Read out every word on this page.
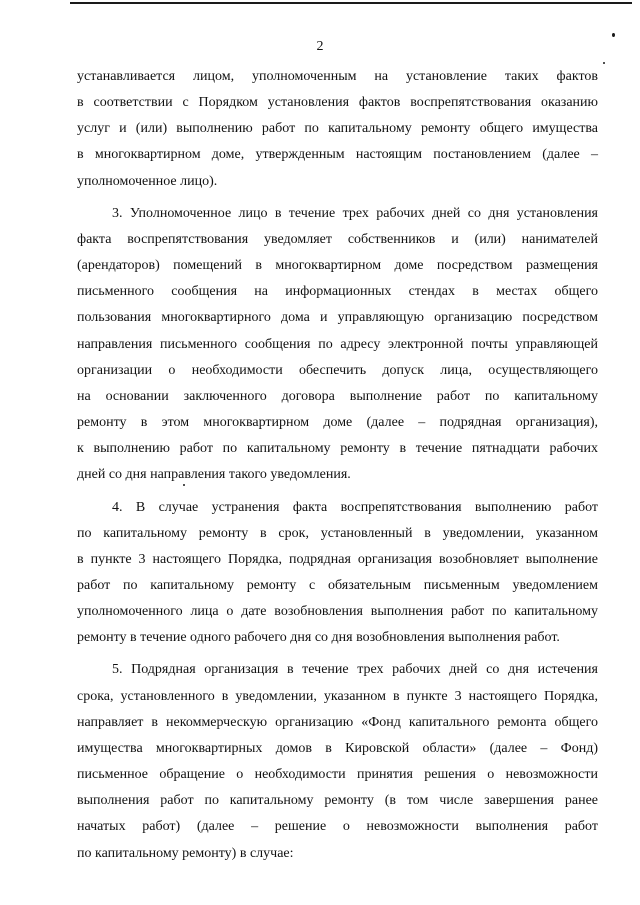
2

устанавливается лицом, уполномоченным на установление таких фактов
в соответствии с Порядком установления фактов воспрепятствования оказанию
услуг и (или) выполнению работ по капитальному ремонту общего имущества
в многоквартирном доме, утвержденным настоящим постановлением (далее –
уполномоченное лицо).

3. Уполномоченное лицо в течение трех рабочих дней со дня установления
факта воспрепятствования уведомляет собственников и (или) нанимателей
(арендаторов) помещений в многоквартирном доме посредством размещения
письменного сообщения на информационных стендах в местах общего
пользования многоквартирного дома и управляющую организацию посредством
направления письменного сообщения по адресу электронной почты управляющей
организации о необходимости обеспечить допуск лица, осуществляющего
на основании заключенного договора выполнение работ по капитальному
ремонту в этом многоквартирном доме (далее – подрядная организация),
к выполнению работ по капитальному ремонту в течение пятнадцати рабочих
дней со дня направления такого уведомления.

4. В случае устранения факта воспрепятствования выполнению работ
по капитальному ремонту в срок, установленный в уведомлении, указанном
в пункте 3 настоящего Порядка, подрядная организация возобновляет выполнение
работ по капитальному ремонту с обязательным письменным уведомлением
уполномоченного лица о дате возобновления выполнения работ по капитальному
ремонту в течение одного рабочего дня со дня возобновления выполнения работ.

5. Подрядная организация в течение трех рабочих дней со дня истечения
срока, установленного в уведомлении, указанном в пункте 3 настоящего Порядка,
направляет в некоммерческую организацию «Фонд капитального ремонта общего
имущества многоквартирных домов в Кировской области» (далее – Фонд)
письменное обращение о необходимости принятия решения о невозможности
выполнения работ по капитальному ремонту (в том числе завершения ранее
начатых работ) (далее – решение о невозможности выполнения работ
по капитальному ремонту) в случае:
